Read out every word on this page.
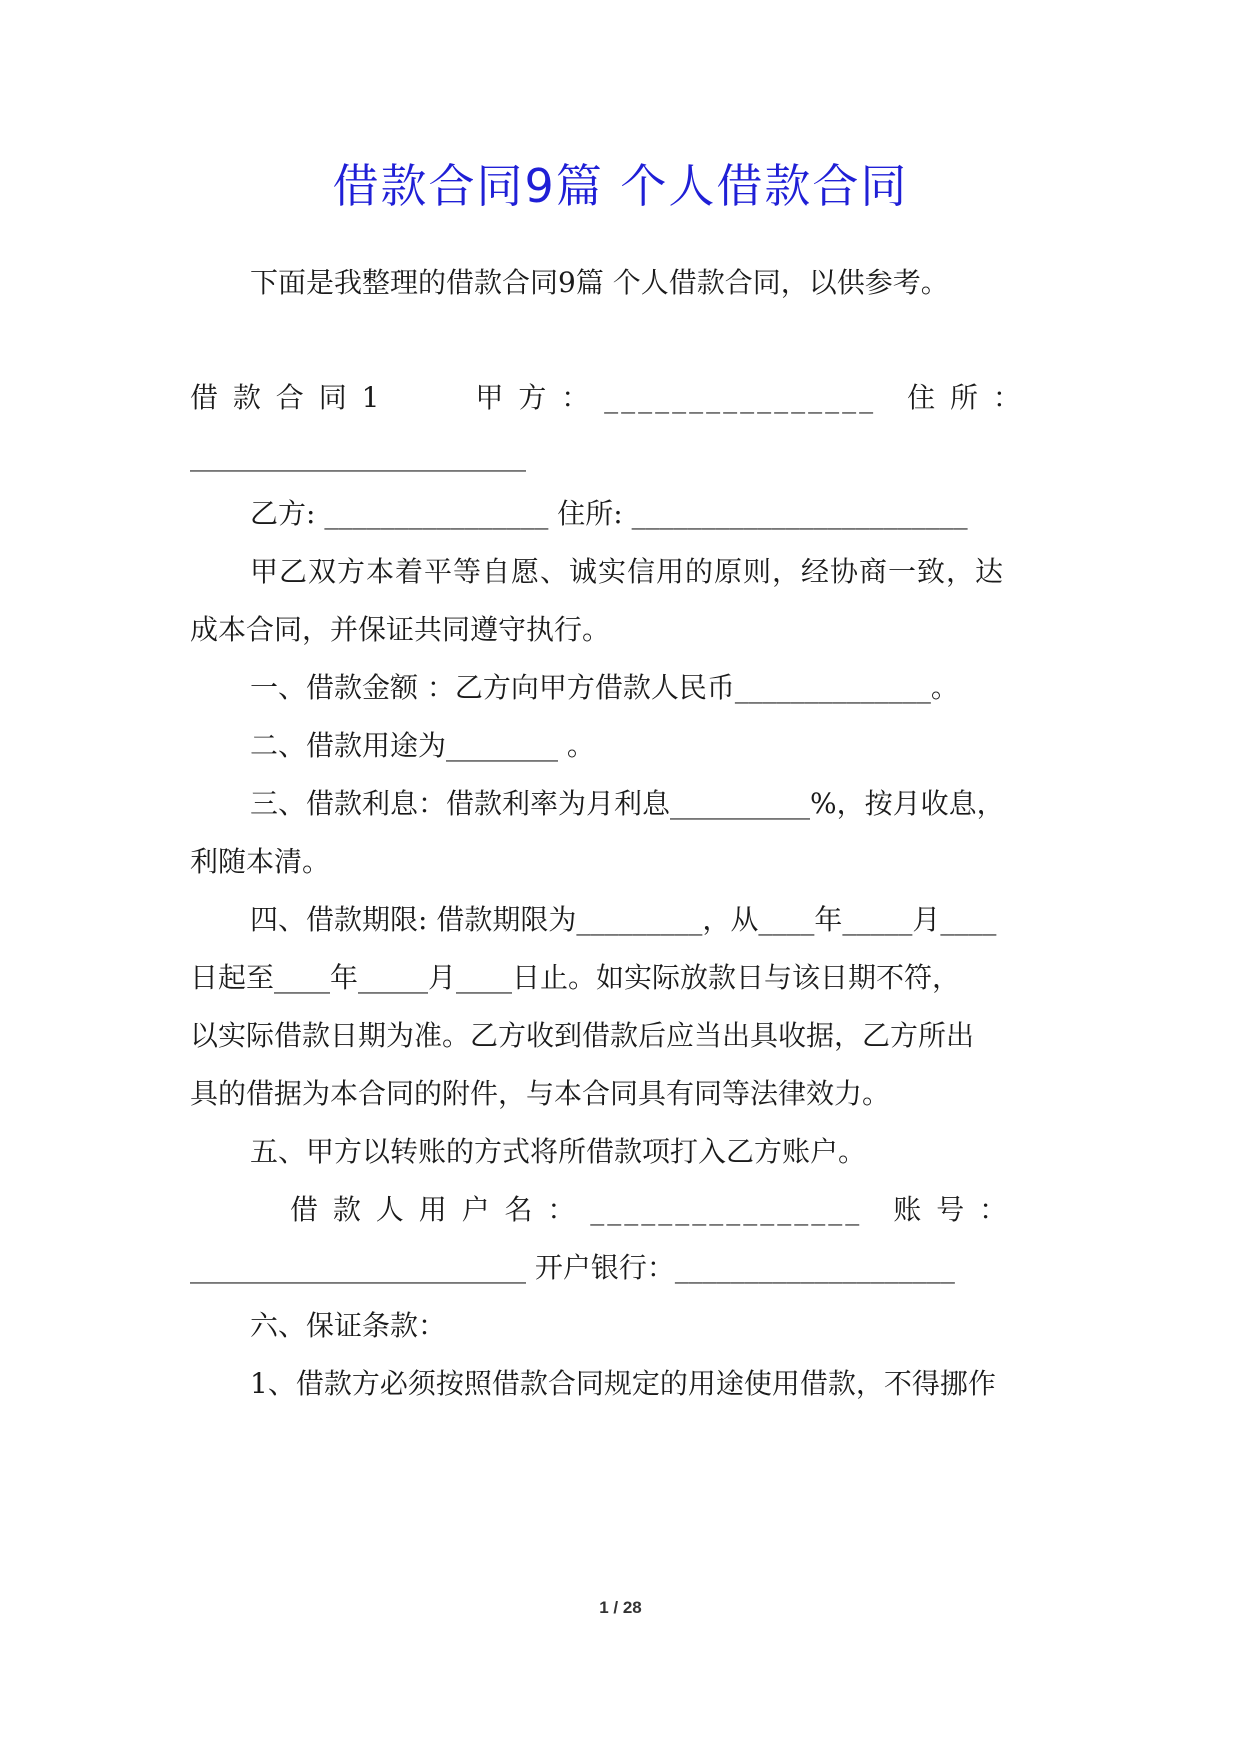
借款合同9篇 个人借款合同
下面是我整理的借款合同9篇 个人借款合同，以供参考。
借 款 合 同 1　　　甲 方 ： ________________　住 所 ：
________________________
乙方: ________________ 住所: ________________________
甲乙双方本着平等自愿、诚实信用的原则，经协商一致，达
成本合同，并保证共同遵守执行。
一、借款金额 ：乙方向甲方借款人民币______________。
二、借款用途为________ 。
三、借款利息：借款利率为月利息__________%，按月收息，
利随本清。
四、借款期限: 借款期限为_________，从____年_____月____
日起至____年_____月____日止。如实际放款日与该日期不符，
以实际借款日期为准。乙方收到借款后应当出具收据，乙方所出
具的借据为本合同的附件，与本合同具有同等法律效力。
五、甲方以转账的方式将所借款项打入乙方账户。
借 款 人 用 户 名 ： ________________　账 号 ：
________________________ 开户银行：____________________
六、保证条款：
1、借款方必须按照借款合同规定的用途使用借款，不得挪作
1 / 28
